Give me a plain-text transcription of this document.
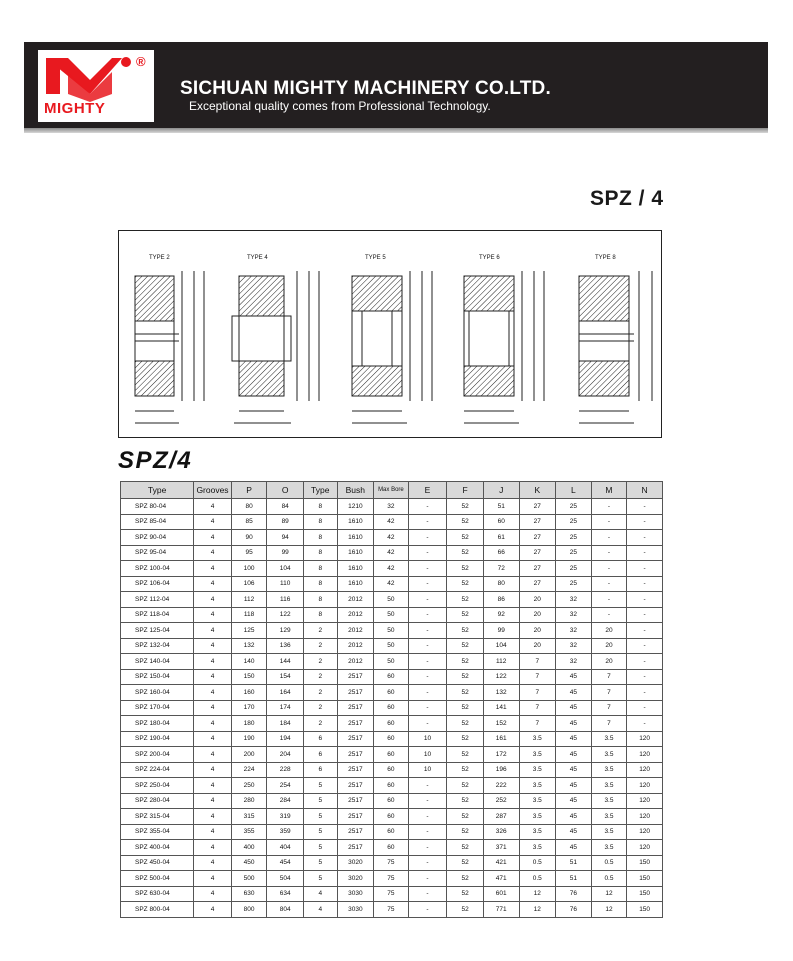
®
MIGHTY
SICHUAN MIGHTY MACHINERY CO.LTD.
Exceptional quality comes from Professional Technology.
SPZ / 4
TYPE 2	TYPE 4	TYPE 5	TYPE 6	TYPE 8
SPZ/4
Type	Grooves	P	O	Type	Bush	Max Bore	E	F	J	K	L	M	N
SPZ 80-04	4	80	84	8	1210	32	-	52	51	27	25	-	-
SPZ 85-04	4	85	89	8	1610	42	-	52	60	27	25	-	-
SPZ 90-04	4	90	94	8	1610	42	-	52	61	27	25	-	-
SPZ 95-04	4	95	99	8	1610	42	-	52	66	27	25	-	-
SPZ 100-04	4	100	104	8	1610	42	-	52	72	27	25	-	-
SPZ 106-04	4	106	110	8	1610	42	-	52	80	27	25	-	-
SPZ 112-04	4	112	116	8	2012	50	-	52	86	20	32	-	-
SPZ 118-04	4	118	122	8	2012	50	-	52	92	20	32	-	-
SPZ 125-04	4	125	129	2	2012	50	-	52	99	20	32	20	-
SPZ 132-04	4	132	136	2	2012	50	-	52	104	20	32	20	-
SPZ 140-04	4	140	144	2	2012	50	-	52	112	7	32	20	-
SPZ 150-04	4	150	154	2	2517	60	-	52	122	7	45	7	-
SPZ 160-04	4	160	164	2	2517	60	-	52	132	7	45	7	-
SPZ 170-04	4	170	174	2	2517	60	-	52	141	7	45	7	-
SPZ 180-04	4	180	184	2	2517	60	-	52	152	7	45	7	-
SPZ 190-04	4	190	194	6	2517	60	10	52	161	3.5	45	3.5	120
SPZ 200-04	4	200	204	6	2517	60	10	52	172	3.5	45	3.5	120
SPZ 224-04	4	224	228	6	2517	60	10	52	196	3.5	45	3.5	120
SPZ 250-04	4	250	254	5	2517	60	-	52	222	3.5	45	3.5	120
SPZ 280-04	4	280	284	5	2517	60	-	52	252	3.5	45	3.5	120
SPZ 315-04	4	315	319	5	2517	60	-	52	287	3.5	45	3.5	120
SPZ 355-04	4	355	359	5	2517	60	-	52	326	3.5	45	3.5	120
SPZ 400-04	4	400	404	5	2517	60	-	52	371	3.5	45	3.5	120
SPZ 450-04	4	450	454	5	3020	75	-	52	421	0.5	51	0.5	150
SPZ 500-04	4	500	504	5	3020	75	-	52	471	0.5	51	0.5	150
SPZ 630-04	4	630	634	4	3030	75	-	52	601	12	76	12	150
SPZ 800-04	4	800	804	4	3030	75	-	52	771	12	76	12	150
